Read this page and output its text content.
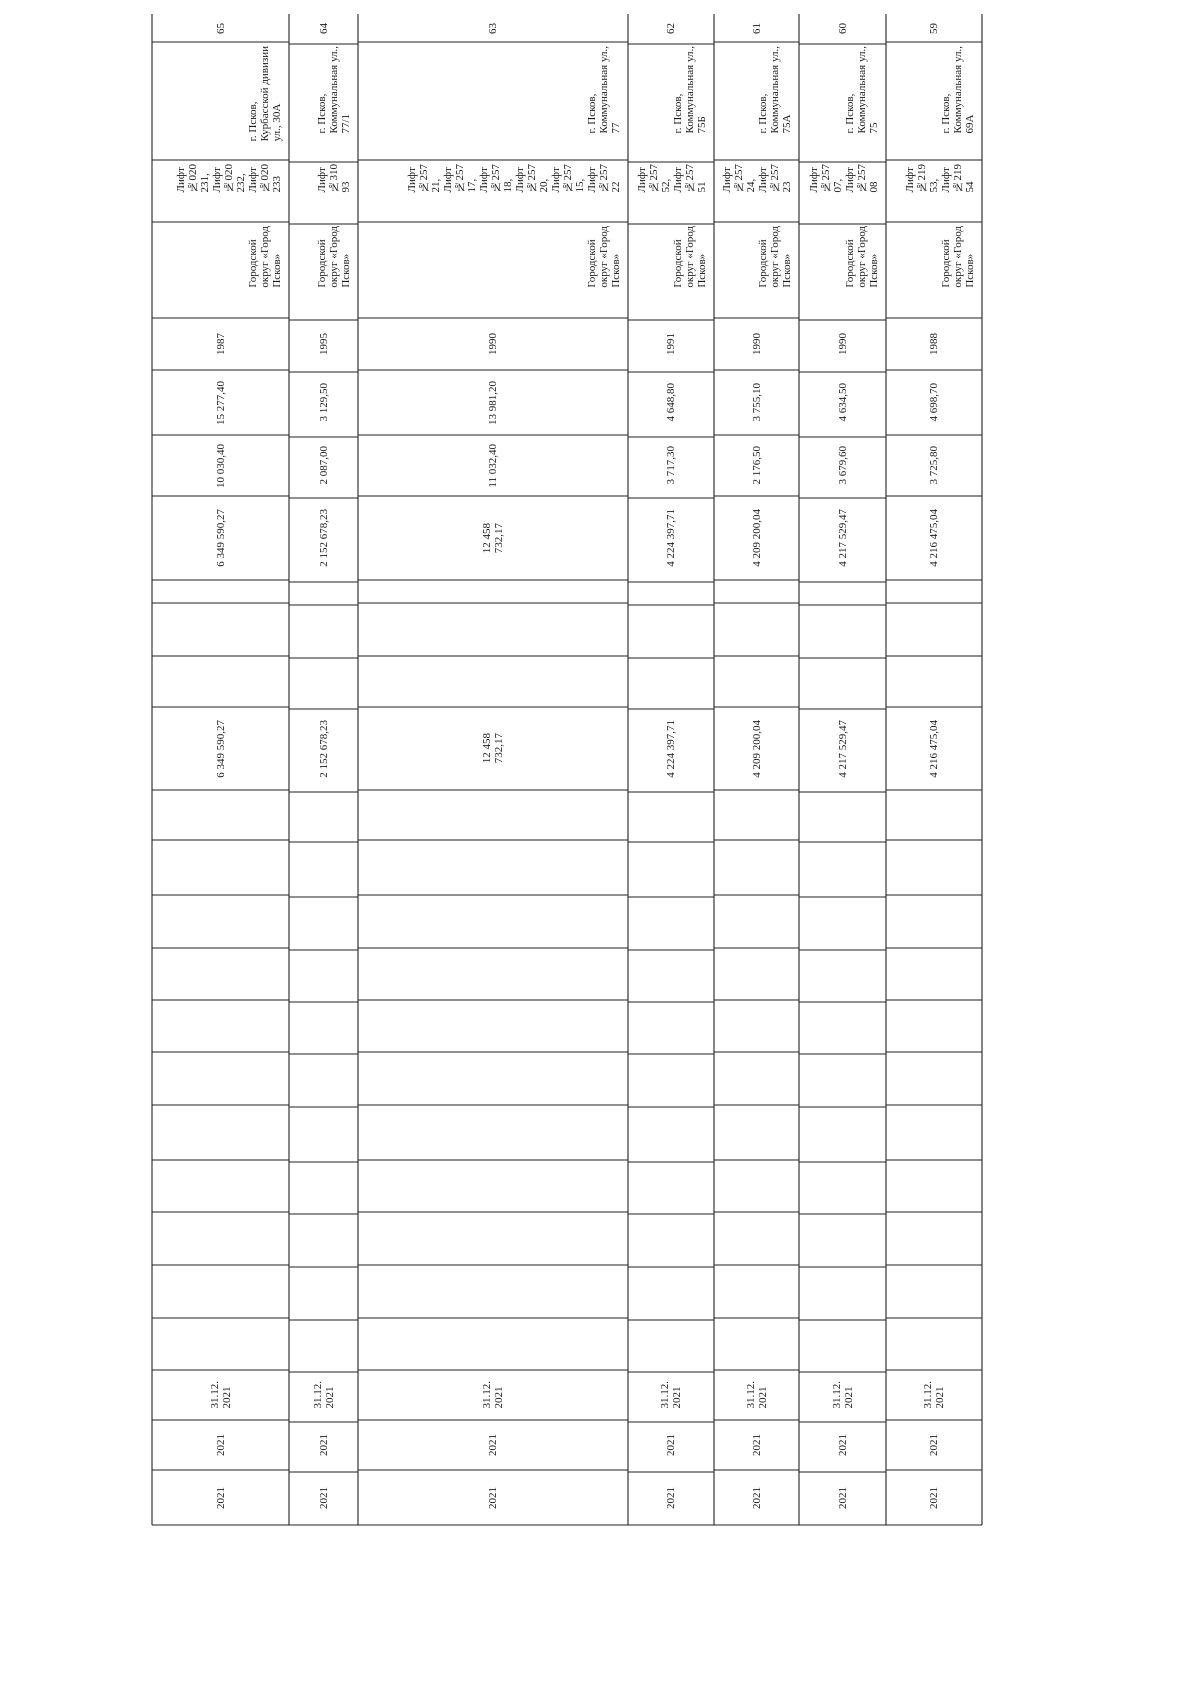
59
г. Псков,
Коммунальная ул.,
69А
Лифт
№219
53,
Лифт
№219
54
Городской
округ «Город
Псков»
1988
4 698,70
3 725,80
4 216 475,04
4 216 475,04
31.12.
2021
2021
2021
60
г. Псков,
Коммунальная ул.,
75
Лифт
№257
07,
Лифт
№257
08
Городской
округ «Город
Псков»
1990
4 634,50
3 679,60
4 217 529,47
4 217 529,47
31.12.
2021
2021
2021
61
г. Псков,
Коммунальная ул.,
75А
Лифт
№257
24,
Лифт
№257
23
Городской
округ «Город
Псков»
1990
3 755,10
2 176,50
4 209 200,04
4 209 200,04
31.12.
2021
2021
2021
62
г. Псков,
Коммунальная ул.,
75Б
Лифт
№257
52,
Лифт
№257
51
Городской
округ «Город
Псков»
1991
4 648,80
3 717,30
4 224 397,71
4 224 397,71
31.12.
2021
2021
2021
63
г. Псков,
Коммунальная ул.,
77
Лифт
№257
21,
Лифт
№257
17,
Лифт
№257
18,
Лифт
№257
20,
Лифт
№257
15,
Лифт
№257
22
Городской
округ «Город
Псков»
1990
13 981,20
11 032,40
12 458
732,17
12 458
732,17
31.12.
2021
2021
2021
64
г. Псков,
Коммунальная ул.,
77/1
Лифт
№310
93
Городской
округ «Город
Псков»
1995
3 129,50
2 087,00
2 152 678,23
2 152 678,23
31.12.
2021
2021
2021
65
г. Псков,
Курбасской дивизии
ул., 30А
Лифт
№020
231,
Лифт
№020
232,
Лифт
№020
233
Городской
округ «Город
Псков»
1987
15 277,40
10 030,40
6 349 590,27
6 349 590,27
31.12.
2021
2021
2021
